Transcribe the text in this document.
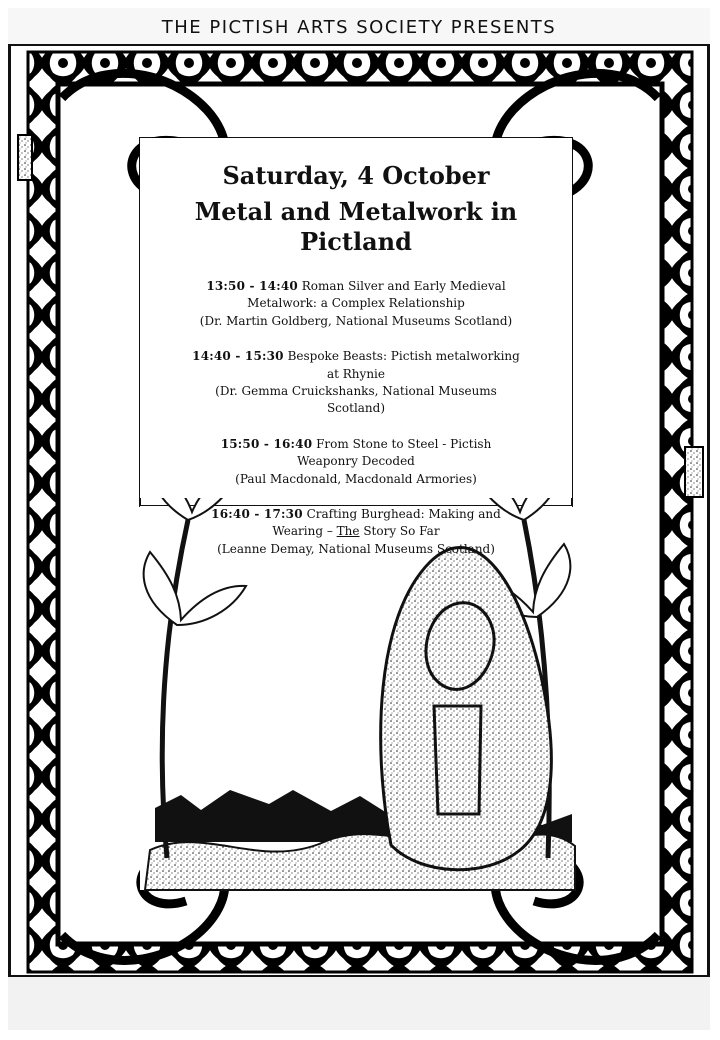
THE PICTISH ARTS SOCIETY PRESENTS
Saturday, 4 October
Metal and Metalwork in Pictland
13:50 - 14:40 Roman Silver and Early Medieval Metalwork: a Complex Relationship
(Dr. Martin Goldberg, National Museums Scotland)
14:40 - 15:30 Bespoke Beasts: Pictish metalworking at Rhynie
(Dr. Gemma Cruickshanks, National Museums Scotland)
15:50 - 16:40 From Stone to Steel - Pictish Weaponry Decoded
(Paul Macdonald, Macdonald Armories)
16:40 - 17:30 Crafting Burghead: Making and Wearing – The Story So Far
(Leanne Demay, National Museums Scotland)
